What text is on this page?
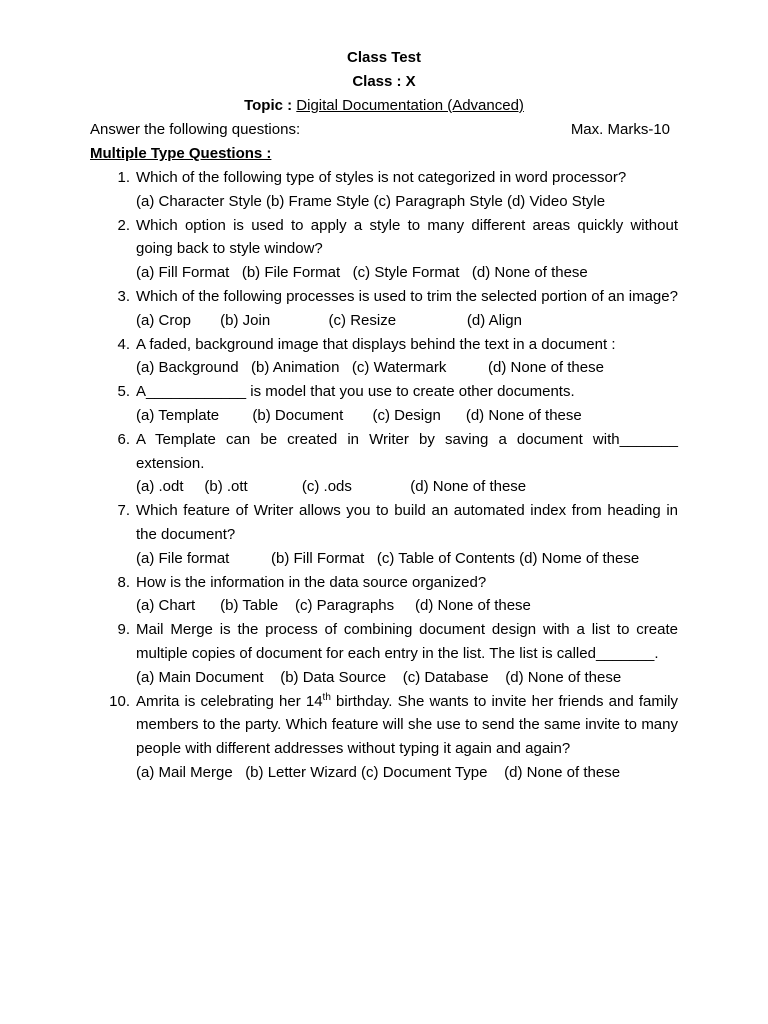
Class Test
Class : X
Topic : Digital Documentation (Advanced)
Answer the following questions:	Max. Marks-10
Multiple Type Questions :
1. Which of the following type of styles is not categorized in word processor?
(a) Character Style (b) Frame Style (c) Paragraph Style (d) Video Style
2. Which option is used to apply a style to many different areas quickly without going back to style window?
(a) Fill Format   (b) File Format   (c) Style Format   (d) None of these
3. Which of the following processes is used to trim the selected portion of an image?
(a) Crop       (b) Join              (c) Resize                 (d) Align
4. A faded, background image that displays behind the text in a document :
(a) Background   (b) Animation   (c) Watermark          (d) None of these
5. A____________ is model that you use to create other documents.
(a) Template        (b) Document       (c) Design      (d) None of these
6. A Template can be created in Writer by saving a document with_______ extension.
(a) .odt     (b) .ott             (c) .ods              (d) None of these
7. Which feature of Writer allows you to build an automated index from heading in the document?
(a) File format          (b) Fill Format   (c) Table of Contents (d) Nome of these
8. How is the information in the data source organized?
(a) Chart      (b) Table    (c) Paragraphs     (d) None of these
9. Mail Merge is the process of combining document design with a list to create multiple copies of document for each entry in the list. The list is called_______.
(a) Main Document    (b) Data Source    (c) Database    (d) None of these
10. Amrita is celebrating her 14th birthday. She wants to invite her friends and family members to the party. Which feature will she use to send the same invite to many people with different addresses without typing it again and again?
(a) Mail Merge   (b) Letter Wizard (c) Document Type    (d) None of these
